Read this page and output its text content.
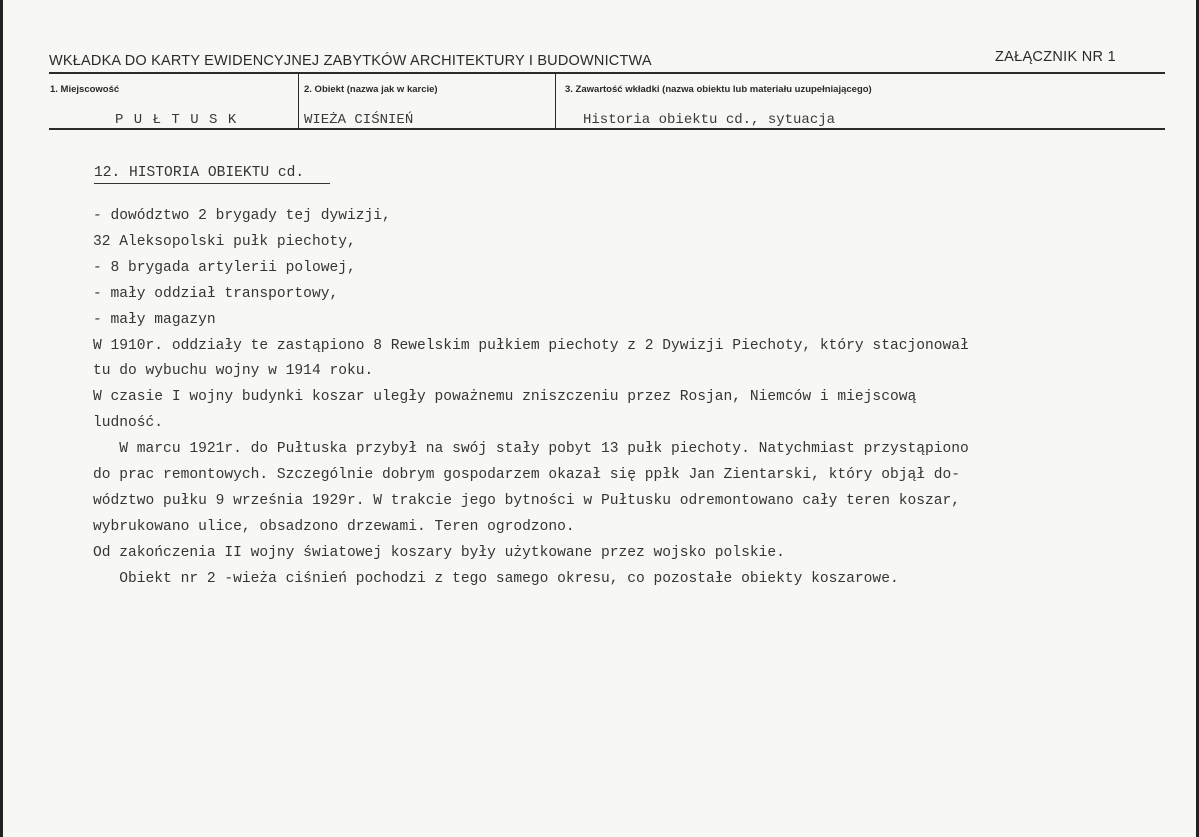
WKŁADKA DO KARTY EWIDENCYJNEJ ZABYTKÓW ARCHITEKTURY I BUDOWNICTWA	ZAŁĄCZNIK NR 1
1. Miejscowość
P U Ł T U S K
2. Obiekt (nazwa jak w karcie)
WIEŻA CIŚNIEŃ
3. Zawartość wkładki (nazwa obiektu lub materiału uzupełniającego)
Historia obiektu cd., sytuacja
12. HISTORIA OBIEKTU cd.
- dowództwo 2 brygady tej dywizji,
32 Aleksopolski pułk piechoty,
- 8 brygada artylerii polowej,
- mały oddział transportowy,
- mały magazyn
W 1910r. oddziały te zastąpiono 8 Rewelskim pułkiem piechoty z 2 Dywizji Piechoty, który stacjonował
tu do wybuchu wojny w 1914 roku.
W czasie I wojny budynki koszar uległy poważnemu zniszczeniu przez Rosjan, Niemców i miejscową
ludność.
W marcu 1921r. do Pułtuska przybył na swój stały pobyt 13 pułk piechoty. Natychmiast przystąpiono
do prac remontowych. Szczególnie dobrym gospodarzem okazał się ppłk Jan Zientarski, który objął do-
wództwo pułku 9 września 1929r. W trakcie jego bytności w Pułtusku odremontowano cały teren koszar,
wybrukowano ulice, obsadzono drzewami. Teren ogrodzono.
Od zakończenia II wojny światowej koszary były użytkowane przez wojsko polskie.
Obiekt nr 2 -wieża ciśnień pochodzi z tego samego okresu, co pozostałe obiekty koszarowe.
